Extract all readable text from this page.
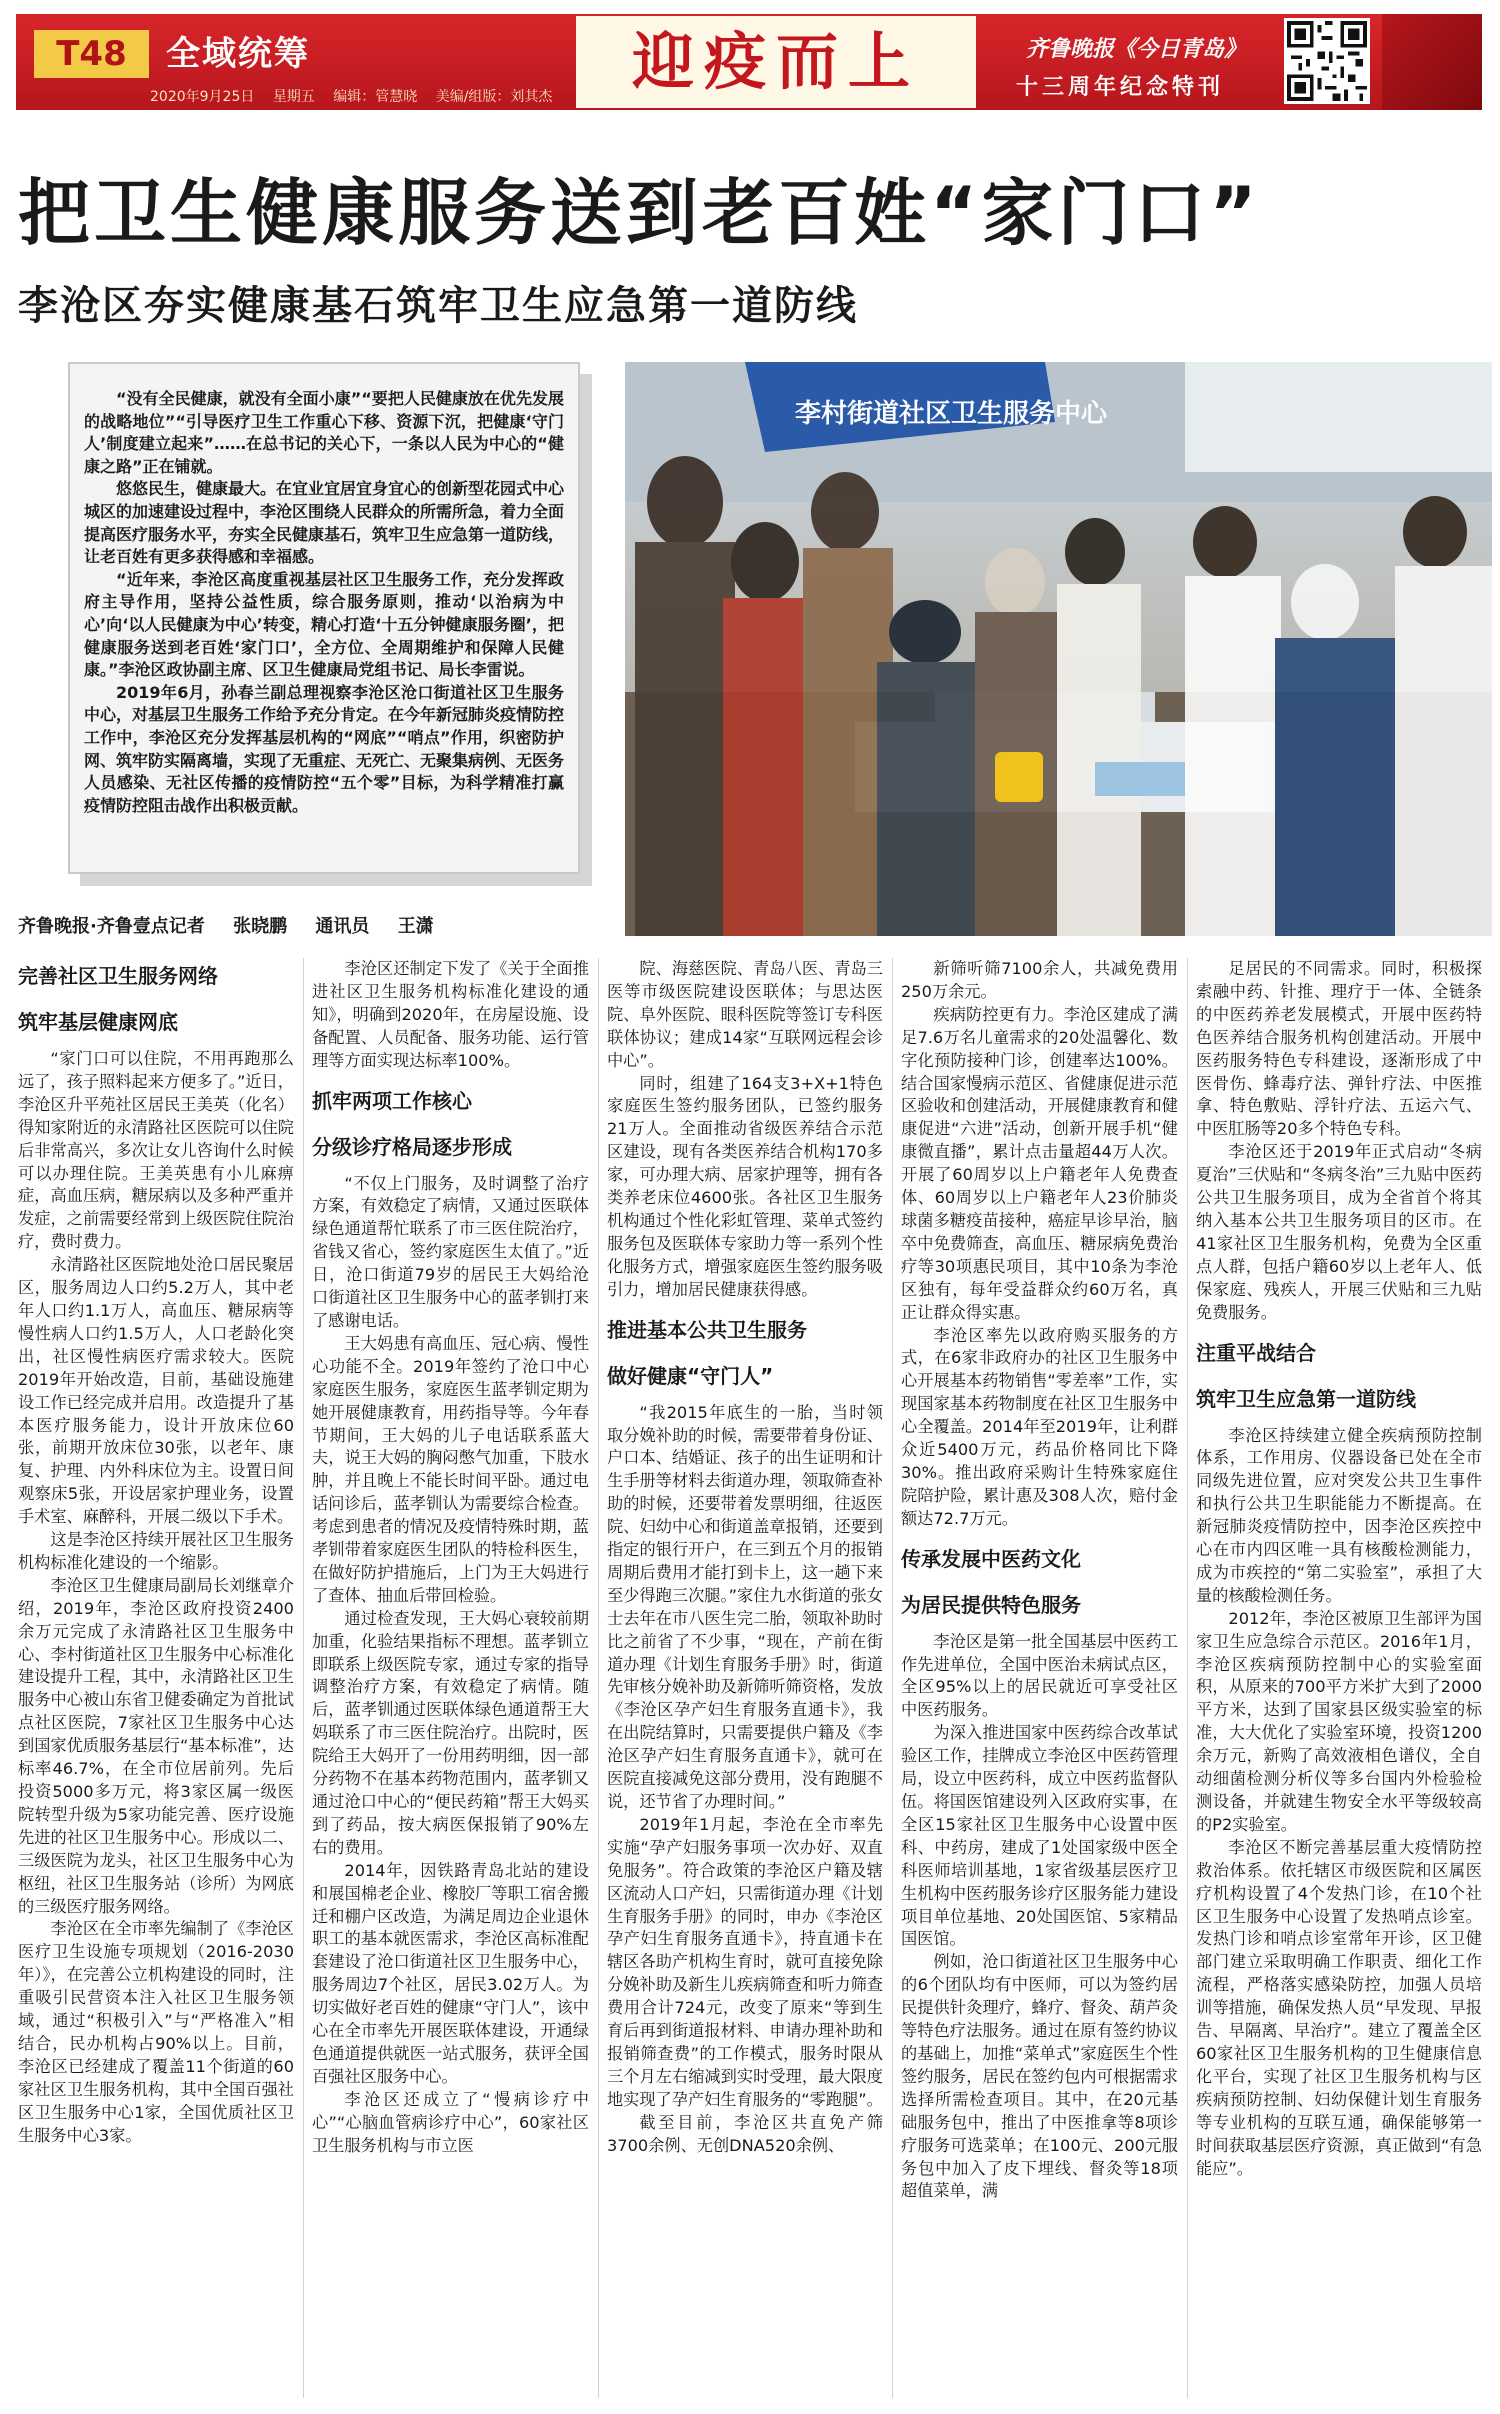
T48	全域统筹
2020年9月25日 星期五 编辑：管慧晓 美编/组版：刘其杰	迎疫而上	齐鲁晚报《今日青岛》
十三周年纪念特刊
把卫生健康服务送到老百姓“家门口”
李沧区夯实健康基石筑牢卫生应急第一道防线

“没有全民健康，就没有全面小康”“要把人民健康放在优先发展的战略地位”“引导医疗卫生工作重心下移、资源下沉，把健康‘守门人’制度建立起来”……在总书记的关心下，一条以人民为中心的“健康之路”正在铺就。

悠悠民生，健康最大。在宜业宜居宜身宜心的创新型花园式中心城区的加速建设过程中，李沧区围绕人民群众的所需所急，着力全面提高医疗服务水平，夯实全民健康基石，筑牢卫生应急第一道防线，让老百姓有更多获得感和幸福感。

“近年来，李沧区高度重视基层社区卫生服务工作，充分发挥政府主导作用，坚持公益性质，综合服务原则，推动‘以治病为中心’向‘以人民健康为中心’转变，精心打造‘十五分钟健康服务圈’，把健康服务送到老百姓‘家门口’，全方位、全周期维护和保障人民健康。”李沧区政协副主席、区卫生健康局党组书记、局长李雷说。

2019年6月，孙春兰副总理视察李沧区沧口街道社区卫生服务中心，对基层卫生服务工作给予充分肯定。在今年新冠肺炎疫情防控工作中，李沧区充分发挥基层机构的“网底”“哨点”作用，织密防护网、筑牢防实隔离墙，实现了无重症、无死亡、无聚集病例、无医务人员感染、无社区传播的疫情防控“五个零”目标，为科学精准打赢疫情防控阻击战作出积极贡献。

李村街道社区卫生服务中心
齐鲁晚报·齐鲁壹点记者 张晓鹏 通讯员 王潇
完善社区卫生服务网络
筑牢基层健康网底

“家门口可以住院，不用再跑那么远了，孩子照料起来方便多了。”近日，李沧区升平苑社区居民王美英（化名）得知家附近的永清路社区医院可以住院后非常高兴，多次让女儿咨询什么时候可以办理住院。王美英患有小儿麻痹症，高血压病，糖尿病以及多种严重并发症，之前需要经常到上级医院住院治疗，费时费力。

永清路社区医院地处沧口居民聚居区，服务周边人口约5.2万人，其中老年人口约1.1万人，高血压、糖尿病等慢性病人口约1.5万人，人口老龄化突出，社区慢性病医疗需求较大。医院2019年开始改造，目前，基础设施建设工作已经完成并启用。改造提升了基本医疗服务能力，设计开放床位60张，前期开放床位30张，以老年、康复、护理、内外科床位为主。设置日间观察床5张，开设居家护理业务，设置手术室、麻醉科，开展二级以下手术。

这是李沧区持续开展社区卫生服务机构标准化建设的一个缩影。

李沧区卫生健康局副局长刘继章介绍，2019年，李沧区政府投资2400余万元完成了永清路社区卫生服务中心、李村街道社区卫生服务中心标准化建设提升工程，其中，永清路社区卫生服务中心被山东省卫健委确定为首批试点社区医院，7家社区卫生服务中心达到国家优质服务基层行“基本标准”，达标率46.7%，在全市位居前列。先后投资5000多万元，将3家区属一级医院转型升级为5家功能完善、医疗设施先进的社区卫生服务中心。形成以二、三级医院为龙头，社区卫生服务中心为枢纽，社区卫生服务站（诊所）为网底的三级医疗服务网络。

李沧区在全市率先编制了《李沧区医疗卫生设施专项规划（2016-2030年）》，在完善公立机构建设的同时，注重吸引民营资本注入社区卫生服务领域，通过“积极引入”与“严格准入”相结合，民办机构占90%以上。目前，李沧区已经建成了覆盖11个街道的60家社区卫生服务机构，其中全国百强社区卫生服务中心1家，全国优质社区卫生服务中心3家。

李沧区还制定下发了《关于全面推进社区卫生服务机构标准化建设的通知》，明确到2020年，在房屋设施、设备配置、人员配备、服务功能、运行管理等方面实现达标率100%。

抓牢两项工作核心
分级诊疗格局逐步形成

“不仅上门服务，及时调整了治疗方案，有效稳定了病情，又通过医联体绿色通道帮忙联系了市三医住院治疗，省钱又省心，签约家庭医生太值了。”近日，沧口街道79岁的居民王大妈给沧口街道社区卫生服务中心的蓝孝钏打来了感谢电话。

王大妈患有高血压、冠心病、慢性心功能不全。2019年签约了沧口中心家庭医生服务，家庭医生蓝孝钏定期为她开展健康教育，用药指导等。今年春节期间，王大妈的儿子电话联系蓝大夫，说王大妈的胸闷憋气加重，下肢水肿，并且晚上不能长时间平卧。通过电话问诊后，蓝孝钏认为需要综合检查。考虑到患者的情况及疫情特殊时期，蓝孝钏带着家庭医生团队的特检科医生，在做好防护措施后，上门为王大妈进行了查体、抽血后带回检验。

通过检查发现，王大妈心衰较前期加重，化验结果指标不理想。蓝孝钏立即联系上级医院专家，通过专家的指导调整治疗方案，有效稳定了病情。随后，蓝孝钏通过医联体绿色通道帮王大妈联系了市三医住院治疗。出院时，医院给王大妈开了一份用药明细，因一部分药物不在基本药物范围内，蓝孝钏又通过沧口中心的“便民药箱”帮王大妈买到了药品，按大病医保报销了90%左右的费用。

2014年，因铁路青岛北站的建设和展国棉老企业、橡胶厂等职工宿舍搬迁和棚户区改造，为满足周边企业退休职工的基本就医需求，李沧区高标准配套建设了沧口街道社区卫生服务中心，服务周边7个社区，居民3.02万人。为切实做好老百姓的健康“守门人”，该中心在全市率先开展医联体建设，开通绿色通道提供就医一站式服务，获评全国百强社区服务中心。

李沧区还成立了“慢病诊疗中心”“心脑血管病诊疗中心”，60家社区卫生服务机构与市立医

院、海慈医院、青岛八医、青岛三医等市级医院建设医联体；与思达医院、阜外医院、眼科医院等签订专科医联体协议；建成14家“互联网远程会诊中心”。

同时，组建了164支3+X+1特色家庭医生签约服务团队，已签约服务21万人。全面推动省级医养结合示范区建设，现有各类医养结合机构170多家，可办理大病、居家护理等，拥有各类养老床位4600张。各社区卫生服务机构通过个性化彩虹管理、菜单式签约服务包及医联体专家助力等一系列个性化服务方式，增强家庭医生签约服务吸引力，增加居民健康获得感。

推进基本公共卫生服务
做好健康“守门人”

“我2015年底生的一胎，当时领取分娩补助的时候，需要带着身份证、户口本、结婚证、孩子的出生证明和计生手册等材料去街道办理，领取筛查补助的时候，还要带着发票明细，往返医院、妇幼中心和街道盖章报销，还要到指定的银行开户，在三到五个月的报销周期后费用才能打到卡上，这一趟下来至少得跑三次腿。”家住九水街道的张女士去年在市八医生完二胎，领取补助时比之前省了不少事，“现在，产前在街道办理《计划生育服务手册》时，街道先审核分娩补助及新筛听筛资格，发放《李沧区孕产妇生育服务直通卡》，我在出院结算时，只需要提供户籍及《李沧区孕产妇生育服务直通卡》，就可在医院直接减免这部分费用，没有跑腿不说，还节省了办理时间。”

2019年1月起，李沧在全市率先实施“孕产妇服务事项一次办好、双直免服务”。符合政策的李沧区户籍及辖区流动人口产妇，只需街道办理《计划生育服务手册》的同时，申办《李沧区孕产妇生育服务直通卡》，持直通卡在辖区各助产机构生育时，就可直接免除分娩补助及新生儿疾病筛查和听力筛查费用合计724元，改变了原来“等到生育后再到街道报材料、申请办理补助和报销筛查费”的工作模式，服务时限从三个月左右缩减到实时受理，最大限度地实现了孕产妇生育服务的“零跑腿”。

截至目前，李沧区共直免产筛3700余例、无创DNA520余例、

新筛听筛7100余人，共减免费用250万余元。

疾病防控更有力。李沧区建成了满足7.6万名儿童需求的20处温馨化、数字化预防接种门诊，创建率达100%。结合国家慢病示范区、省健康促进示范区验收和创建活动，开展健康教育和健康促进“六进”活动，创新开展手机“健康微直播”，累计点击量超44万人次。开展了60周岁以上户籍老年人免费查体、60周岁以上户籍老年人23价肺炎球菌多糖疫苗接种，癌症早诊早治，脑卒中免费筛查，高血压、糖尿病免费治疗等30项惠民项目，其中10条为李沧区独有，每年受益群众约60万名，真正让群众得实惠。

李沧区率先以政府购买服务的方式，在6家非政府办的社区卫生服务中心开展基本药物销售“零差率”工作，实现国家基本药物制度在社区卫生服务中心全覆盖。2014年至2019年，让利群众近5400万元，药品价格同比下降30%。推出政府采购计生特殊家庭住院陪护险，累计惠及308人次，赔付金额达72.7万元。

传承发展中医药文化
为居民提供特色服务

李沧区是第一批全国基层中医药工作先进单位，全国中医治未病试点区，全区95%以上的居民就近可享受社区中医药服务。

为深入推进国家中医药综合改革试验区工作，挂牌成立李沧区中医药管理局，设立中医药科，成立中医药监督队伍。将国医馆建设列入区政府实事，在全区15家社区卫生服务中心设置中医科、中药房，建成了1处国家级中医全科医师培训基地，1家省级基层医疗卫生机构中医药服务诊疗区服务能力建设项目单位基地、20处国医馆、5家精品国医馆。

例如，沧口街道社区卫生服务中心的6个团队均有中医师，可以为签约居民提供针灸理疗，蜂疗、督灸、葫芦灸等特色疗法服务。通过在原有签约协议的基础上，加推“菜单式”家庭医生个性签约服务，居民在签约包内可根据需求选择所需检查项目。其中，在20元基础服务包中，推出了中医推拿等8项诊疗服务可选菜单；在100元、200元服务包中加入了皮下埋线、督灸等18项超值菜单，满

足居民的不同需求。同时，积极探索融中药、针推、理疗于一体、全链条的中医药养老发展模式，开展中医药特色医养结合服务机构创建活动。开展中医药服务特色专科建设，逐渐形成了中医骨伤、蜂毒疗法、弹针疗法、中医推拿、特色敷贴、浮针疗法、五运六气、中医肛肠等20多个特色专科。

李沧区还于2019年正式启动“冬病夏治”三伏贴和“冬病冬治”三九贴中医药公共卫生服务项目，成为全省首个将其纳入基本公共卫生服务项目的区市。在41家社区卫生服务机构，免费为全区重点人群，包括户籍60岁以上老年人、低保家庭、残疾人，开展三伏贴和三九贴免费服务。

注重平战结合
筑牢卫生应急第一道防线

李沧区持续建立健全疾病预防控制体系，工作用房、仪器设备已处在全市同级先进位置，应对突发公共卫生事件和执行公共卫生职能能力不断提高。在新冠肺炎疫情防控中，因李沧区疾控中心在市内四区唯一具有核酸检测能力，成为市疾控的“第二实验室”，承担了大量的核酸检测任务。

2012年，李沧区被原卫生部评为国家卫生应急综合示范区。2016年1月，李沧区疾病预防控制中心的实验室面积，从原来的700平方米扩大到了2000平方米，达到了国家县区级实验室的标准，大大优化了实验室环境，投资1200余万元，新购了高效液相色谱仪，全自动细菌检测分析仪等多台国内外检验检测设备，并就建生物安全水平等级较高的P2实验室。

李沧区不断完善基层重大疫情防控救治体系。依托辖区市级医院和区属医疗机构设置了4个发热门诊，在10个社区卫生服务中心设置了发热哨点诊室。发热门诊和哨点诊室常年开诊，区卫健部门建立采取明确工作职责、细化工作流程，严格落实感染防控，加强人员培训等措施，确保发热人员“早发现、早报告、早隔离、早治疗”。建立了覆盖全区60家社区卫生服务机构的卫生健康信息化平台，实现了社区卫生服务机构与区疾病预防控制、妇幼保健计划生育服务等专业机构的互联互通，确保能够第一时间获取基层医疗资源，真正做到“有急能应”。
